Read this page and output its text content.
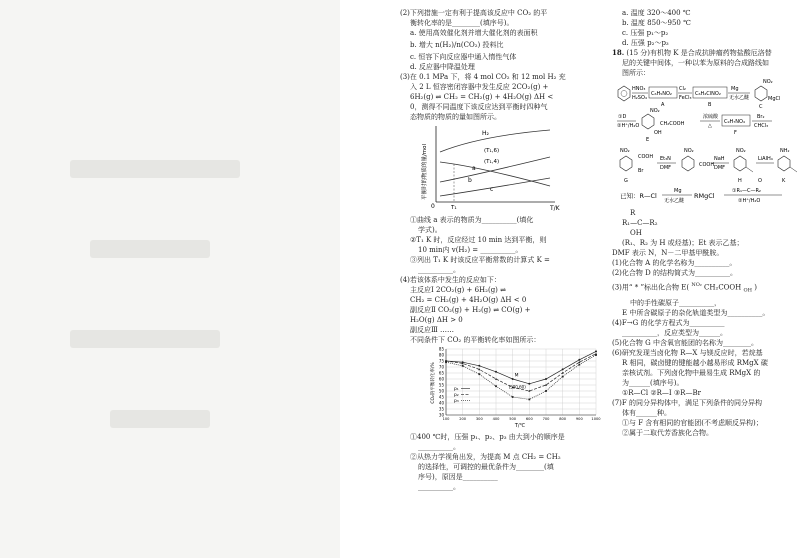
(2)下列措施一定有利于提高该反应中 CO₂ 的平

衡转化率的是________(填序号)。

a. 使用高效催化剂并增大催化剂的表面积

b. 增大 n(H₂)/n(CO₂) 投料比

c. 恒容下向反应器中通入惰性气体

d. 反应器中降温处理

(3)在 0.1 MPa 下，将 4 mol CO₂ 和 12 mol H₂ 充

入 2 L 恒容密闭容器中发生反应 2CO₂(g) +

6H₂(g) ⇌ CH₂ = CH₂(g) + 4H₂O(g) ΔH <

0，测得不同温度下该反应达到平衡时四种气

态物质的物质的量如图所示。

平衡时的物质的量/mol
0	T/K
T₁
H₂
(T₁,6)
(T₁,4)
a
b
c

①曲线 a 表示的物质为__________(填化

学式)。

②T₁ K 时，反应经过 10 min 达到平衡，则

10 min内 v(H₂) = __________。

③列出 T₁ K 时该反应平衡常数的计算式 K =

__________。

(4)若该体系中发生的反应如下：

主反应Ⅰ 2CO₂(g) + 6H₂(g) ⇌

CH₂ = CH₂(g) + 4H₂O(g) ΔH < 0

副反应Ⅱ CO₂(g) + H₂(g) ⇌ CO(g) +

H₂O(g) ΔH > 0

副反应Ⅲ ……

不同条件下 CO₂ 的平衡转化率如图所示：

85
80
75
70
65
60
55
50
45
40
35
30
100	200	300	400	500	600	700	800	900 1000
T/℃
CO₂的平衡转化率/%	p₁
p₂
p₃
(500,60)
M

①400 ℃时，压强 p₁、p₂、p₃ 由大到小的顺序是

__________。

②从热力学视角出发，为提高 M 点 CH₂ = CH₂

的选择性，可调控的最优条件为________(填

序号)，原因是__________

__________。

a. 温度 320～400 ℃

b. 温度 850～950 ℃

c. 压强 p₁～p₂

d. 压强 p₂～p₃

18. (15 分)有机物 K 是合成抗肿瘤药物盐酸厄洛替

尼的关键中间体，一种以苯为原料的合成路线如

图所示：

HNO₃
H₂SO₄
C₆H₅NO₂
A
Cl₂
FeCl₃
C₆H₄ClNO₂
B
Mg
无水乙醚
NO₂
MgCl
C
①D
②H⁺/H₂O
NO₂
CH₂COOH
OH
E
浓硫酸
△
C₉H₇NO₄
F
Br₂
CHCl₃
NO₂
COOH
Br
G
Et₃N
DMF
NO₂
COOH
NaH
DMF
NO₂
H
LiAlH₄
NH₂
K
已知：R—Cl
Mg
无水乙醚
RMgCl
O
①R₁—C—R₂
②H⁺/H₂O

R

R₁—C—R₂

OH

(R₁、R₂ 为 H 或烃基)；Et 表示乙基；

DMF 表示 N，N－二甲基甲酰胺。

(1)化合物 A 的化学名称为__________。

(2)化合物 D 的结构简式为__________。

(3)用“ * ”标出化合物 E( $^{NO_2}$ CH₂COOH $_{OH}$ )

中的手性碳原子__________，

E 中所含碳原子的杂化轨道类型为__________。

(4)F→G 的化学方程式为__________

__________，反应类型为______。

(5)化合物 G 中含氧官能团的名称为________。

(6)研究发现当卤化物 R—X 与镁反应时，若烷基

R 相同，碳卤键的键能越小越易形成 RMgX 碳

亲核试剂。下列卤化物中最易生成 RMgX 的

为______(填序号)。

①R—Cl ②R—I ③R—Br

(7)F 的同分异构体中，满足下列条件的同分异构

体有______种。

①与 F 含有相同的官能团(不考虑顺反异构)；

②属于二取代芳香族化合物。
